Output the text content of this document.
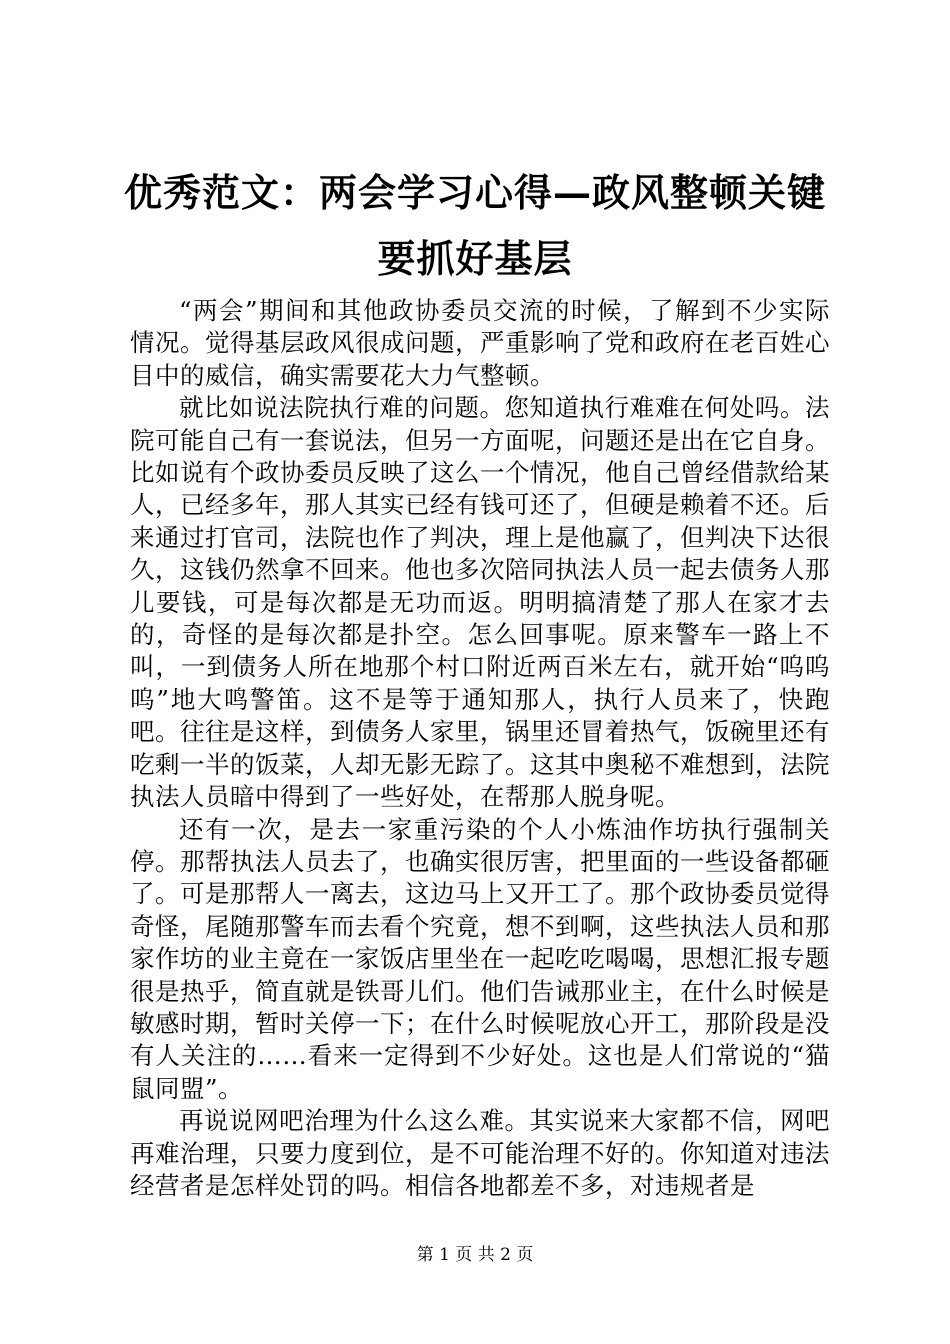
优秀范文：两会学习心得—政风整顿关键要抓好基层

“两会”期间和其他政协委员交流的时候，了解到不少实际情况。觉得基层政风很成问题，严重影响了党和政府在老百姓心目中的威信，确实需要花大力气整顿。

就比如说法院执行难的问题。您知道执行难难在何处吗。法院可能自己有一套说法，但另一方面呢，问题还是出在它自身。比如说有个政协委员反映了这么一个情况，他自己曾经借款给某人，已经多年，那人其实已经有钱可还了，但硬是赖着不还。后来通过打官司，法院也作了判决，理上是他赢了，但判决下达很久，这钱仍然拿不回来。他也多次陪同执法人员一起去债务人那儿要钱，可是每次都是无功而返。明明搞清楚了那人在家才去的，奇怪的是每次都是扑空。怎么回事呢。原来警车一路上不叫，一到债务人所在地那个村口附近两百米左右，就开始“呜呜呜”地大鸣警笛。这不是等于通知那人，执行人员来了，快跑吧。往往是这样，到债务人家里，锅里还冒着热气，饭碗里还有吃剩一半的饭菜，人却无影无踪了。这其中奥秘不难想到，法院执法人员暗中得到了一些好处，在帮那人脱身呢。

还有一次，是去一家重污染的个人小炼油作坊执行强制关停。那帮执法人员去了，也确实很厉害，把里面的一些设备都砸了。可是那帮人一离去，这边马上又开工了。那个政协委员觉得奇怪，尾随那警车而去看个究竟，想不到啊，这些执法人员和那家作坊的业主竟在一家饭店里坐在一起吃吃喝喝，思想汇报专题很是热乎，简直就是铁哥儿们。他们告诫那业主，在什么时候是敏感时期，暂时关停一下；在什么时候呢放心开工，那阶段是没有人关注的……看来一定得到不少好处。这也是人们常说的“猫鼠同盟”。

再说说网吧治理为什么这么难。其实说来大家都不信，网吧再难治理，只要力度到位，是不可能治理不好的。你知道对违法经营者是怎样处罚的吗。相信各地都差不多，对违规者是

第 1 页 共 2 页
